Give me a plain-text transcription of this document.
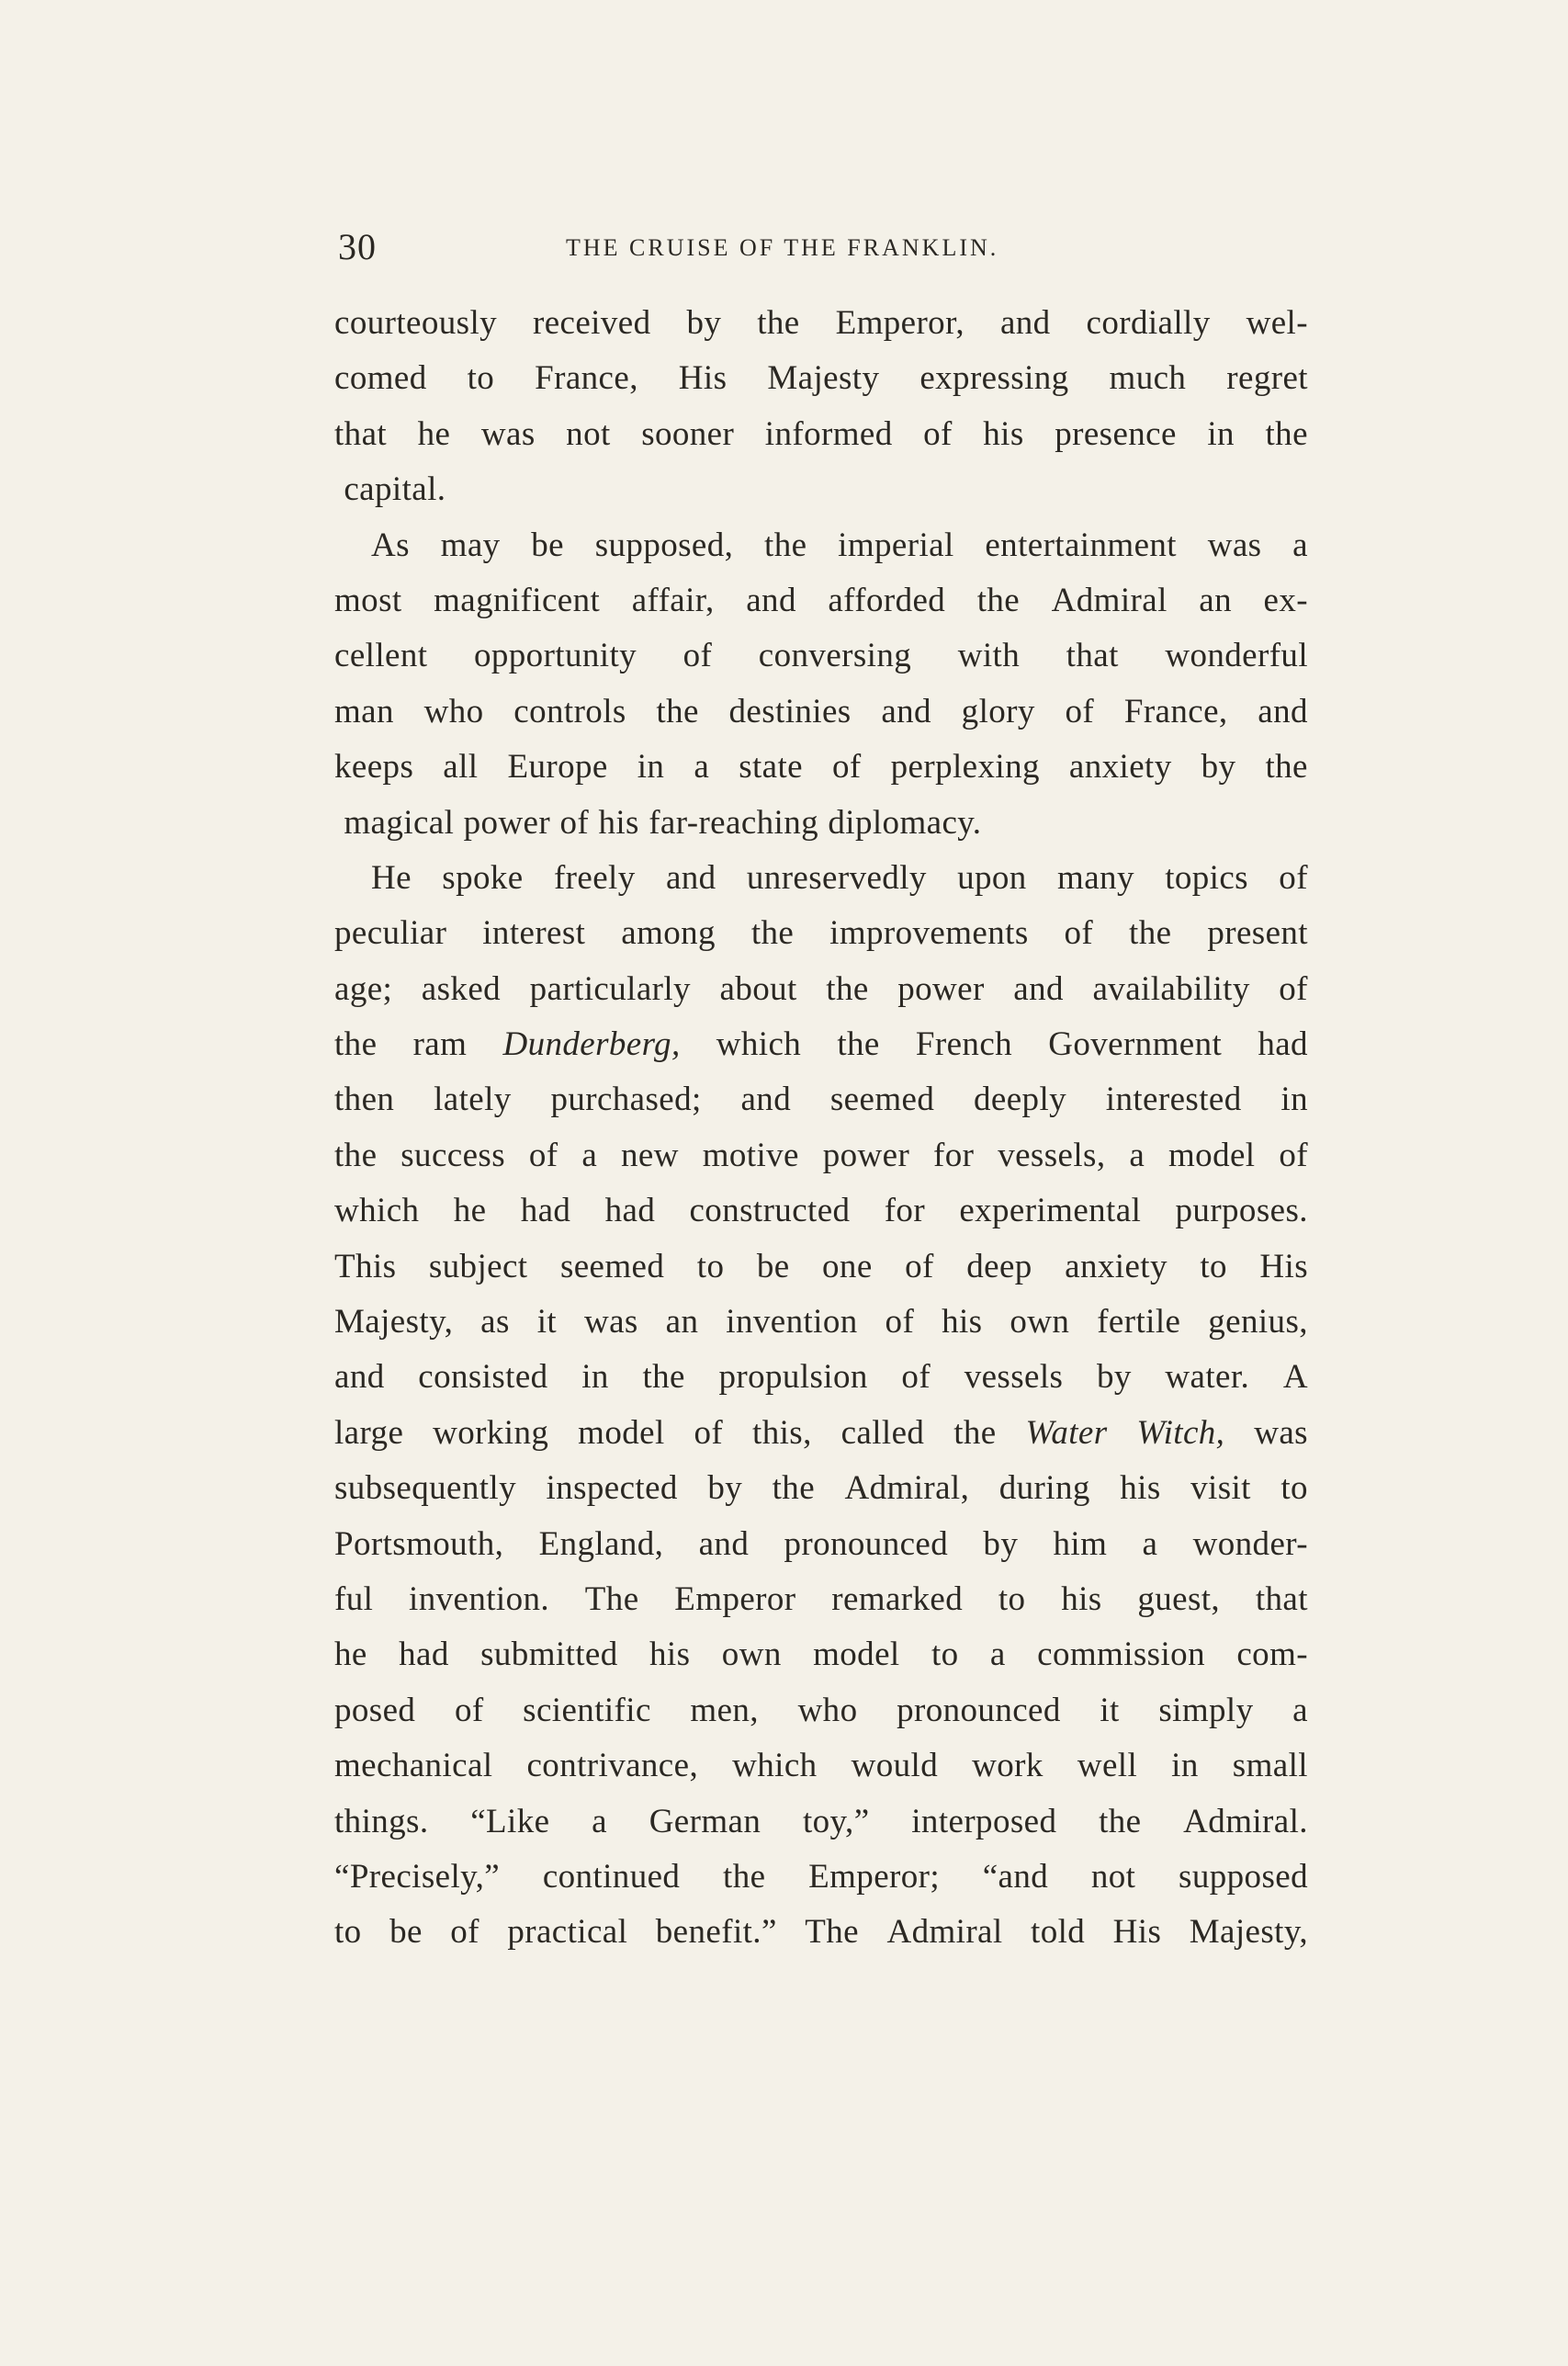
30	THE CRUISE OF THE FRANKLIN.
courteously received by the Emperor, and cordially wel-
comed to France, His Majesty expressing much regret
that he was not sooner informed of his presence in the
capital.
As may be supposed, the imperial entertainment was a
most magnificent affair, and afforded the Admiral an ex-
cellent opportunity of conversing with that wonderful
man who controls the destinies and glory of France, and
keeps all Europe in a state of perplexing anxiety by the
magical power of his far-reaching diplomacy.
He spoke freely and unreservedly upon many topics of
peculiar interest among the improvements of the present
age; asked particularly about the power and availability of
the ram Dunderberg, which the French Government had
then lately purchased; and seemed deeply interested in
the success of a new motive power for vessels, a model of
which he had had constructed for experimental purposes.
This subject seemed to be one of deep anxiety to His
Majesty, as it was an invention of his own fertile genius,
and consisted in the propulsion of vessels by water. A
large working model of this, called the Water Witch, was
subsequently inspected by the Admiral, during his visit to
Portsmouth, England, and pronounced by him a wonder-
ful invention. The Emperor remarked to his guest, that
he had submitted his own model to a commission com-
posed of scientific men, who pronounced it simply a
mechanical contrivance, which would work well in small
things. “Like a German toy,” interposed the Admiral.
“Precisely,” continued the Emperor; “and not supposed
to be of practical benefit.” The Admiral told His Majesty,
